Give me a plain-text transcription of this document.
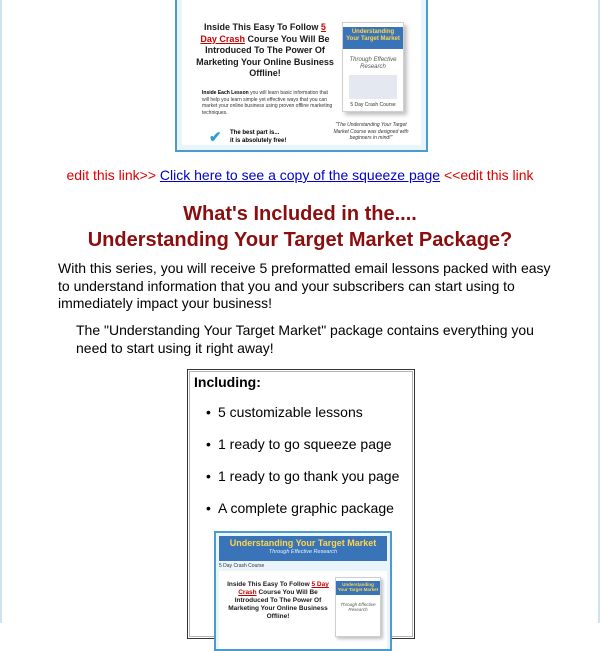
Inside This Easy To Follow 5 Day Crash Course You Will Be Introduced To The Power Of Marketing Your Online Business Offline!
Inside Each Lesson you will learn basic information that will help you learn simple yet effective ways that you can market your online business using proven offline marketing techniques.
✔ The best part is...
it is absolutely free!
"The Understanding Your Target Market Course was designed with beginners in mind!"
Understanding Your Target Market
Through Effective Research
5 Day Crash Course
edit this link>> Click here to see a copy of the squeeze page <<edit this link
What's Included in the....
Understanding Your Target Market Package?

With this series, you will receive 5 preformatted email lessons packed with easy to understand information that you and your subscribers can start using to immediately impact your business!

The "Understanding Your Target Market" package contains everything you need to start using it right away!

Including:
• 5 customizable lessons
• 1 ready to go squeeze page
• 1 ready to go thank you page
• A complete graphic package
Understanding Your Target Market
Through Effective Research
5 Day Crash Course
Inside This Easy To Follow 5 Day Crash Course You Will Be Introduced To The Power Of Marketing Your Online Business Offline!
Understanding Your Target Market
Through Effective Research
